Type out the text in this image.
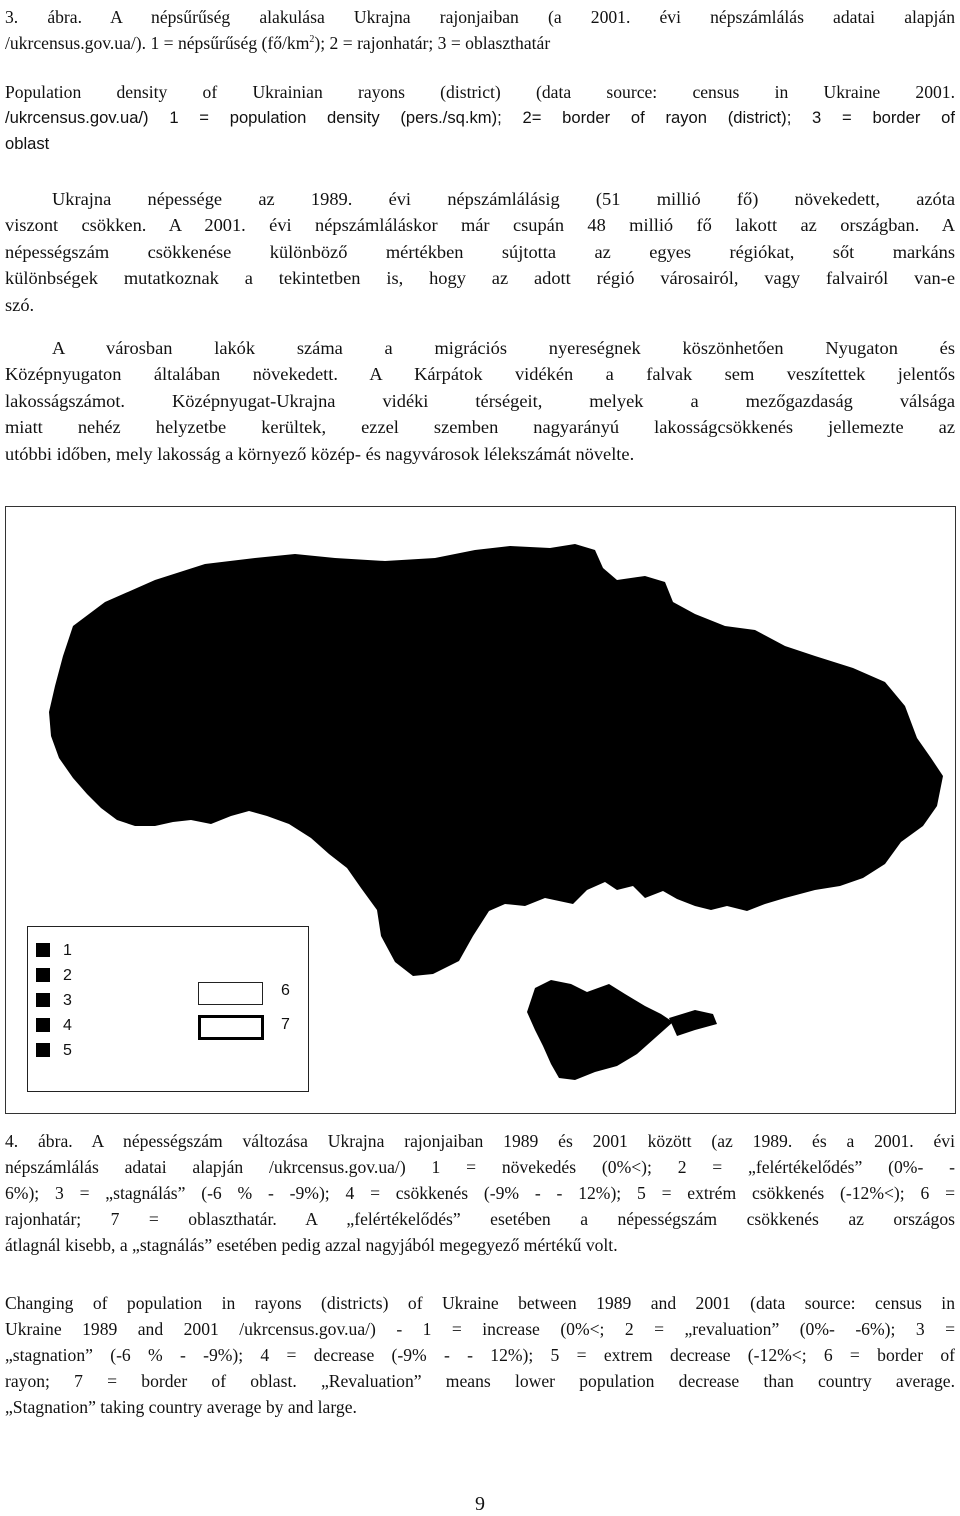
3. ábra. A népsűrűség alakulása Ukrajna rajonjaiban (a 2001. évi népszámlálás adatai alapján
/ukrcensus.gov.ua/). 1 = népsűrűség $(fő/km^2)$; 2 = rajonhatár; 3 = oblaszthatár
Population density of Ukrainian rayons (district) (data source: census in Ukraine 2001.
/ukrcensus.gov.ua/) 1 = population density (pers./sq.km); 2= border of rayon (district); 3 = border of
oblast
Ukrajna népessége az 1989. évi népszámlálásig (51 millió fő) növekedett, azóta
viszont csökken. A 2001. évi népszámláláskor már csupán 48 millió fő lakott az országban. A
népességszám csökkenése különböző mértékben sújtotta az egyes régiókat, sőt markáns
különbségek mutatkoznak a tekintetben is, hogy az adott régió városairól, vagy falvairól van-e
szó.
A városban lakók száma a migrációs nyereségnek köszönhetően Nyugaton és
Középnyugaton általában növekedett. A Kárpátok vidékén a falvak sem veszítettek jelentős
lakosságszámot. Középnyugat-Ukrajna vidéki térségeit, melyek a mezőgazdaság válsága
miatt nehéz helyzetbe kerültek, ezzel szemben nagyarányú lakosságcsökkenés jellemezte az
utóbbi időben, mely lakosság a környező közép- és nagyvárosok lélekszámát növelte.
1
2
3
4
5
6
7
4. ábra. A népességszám változása Ukrajna rajonjaiban 1989 és 2001 között (az 1989. és a 2001. évi
népszámlálás adatai alapján /ukrcensus.gov.ua/) 1 = növekedés (0%<); 2 = „felértékelődés” (0%- -
6%); 3 = „stagnálás” (-6 % - -9%); 4 = csökkenés (-9% - - 12%); 5 = extrém csökkenés (-12%<); 6 =
rajonhatár; 7 = oblaszthatár. A „felértékelődés” esetében a népességszám csökkenés az országos
átlagnál kisebb, a „stagnálás” esetében pedig azzal nagyjából megegyező mértékű volt.
Changing of population in rayons (districts) of Ukraine between 1989 and 2001 (data source: census in
Ukraine 1989 and 2001 /ukrcensus.gov.ua/) - 1 = increase (0%<; 2 = „revaluation” (0%- -6%); 3 =
„stagnation” (-6 % - -9%); 4 = decrease (-9% - - 12%); 5 = extrem decrease (-12%<; 6 = border of
rayon; 7 = border of oblast. „Revaluation” means lower population decrease than country average.
„Stagnation” taking country average by and large.
9
